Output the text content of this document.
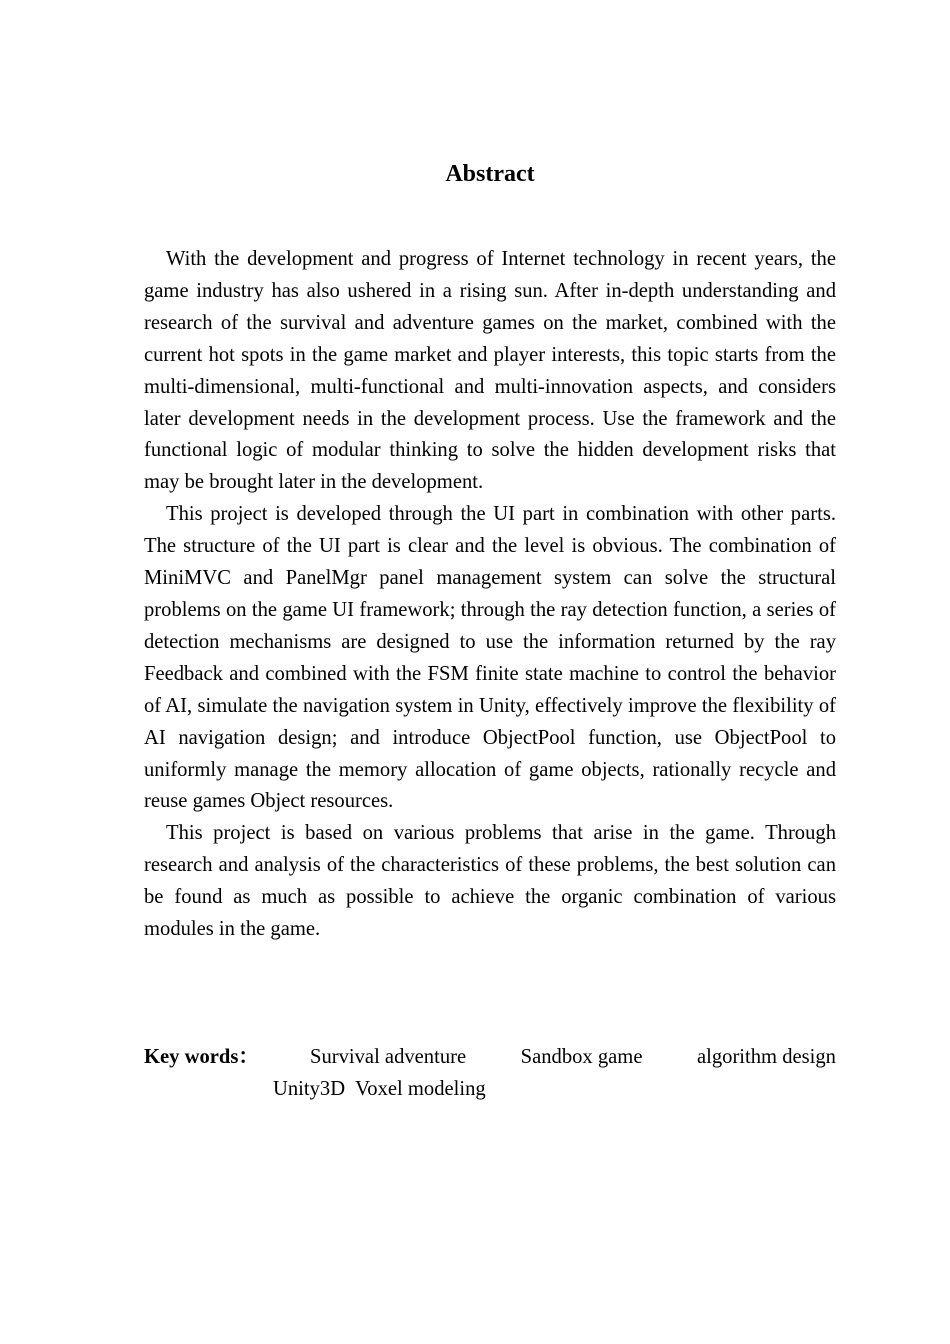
Abstract

With the development and progress of Internet technology in recent years, the game industry has also ushered in a rising sun. After in-depth understanding and research of the survival and adventure games on the market, combined with the current hot spots in the game market and player interests, this topic starts from the multi-dimensional, multi-functional and multi-innovation aspects, and considers later development needs in the development process. Use the framework and the functional logic of modular thinking to solve the hidden development risks that may be brought later in the development.

This project is developed through the UI part in combination with other parts. The structure of the UI part is clear and the level is obvious. The combination of MiniMVC and PanelMgr panel management system can solve the structural problems on the game UI framework; through the ray detection function, a series of detection mechanisms are designed to use the information returned by the ray Feedback and combined with the FSM finite state machine to control the behavior of AI, simulate the navigation system in Unity, effectively improve the flexibility of AI navigation design; and introduce ObjectPool function, use ObjectPool to uniformly manage the memory allocation of game objects, rationally recycle and reuse games Object resources.

This project is based on various problems that arise in the game. Through research and analysis of the characteristics of these problems, the best solution can be found as much as possible to achieve the organic combination of various modules in the game.

Key words：	Survival adventure	Sandbox game	algorithm design
Unity3D Voxel modeling
